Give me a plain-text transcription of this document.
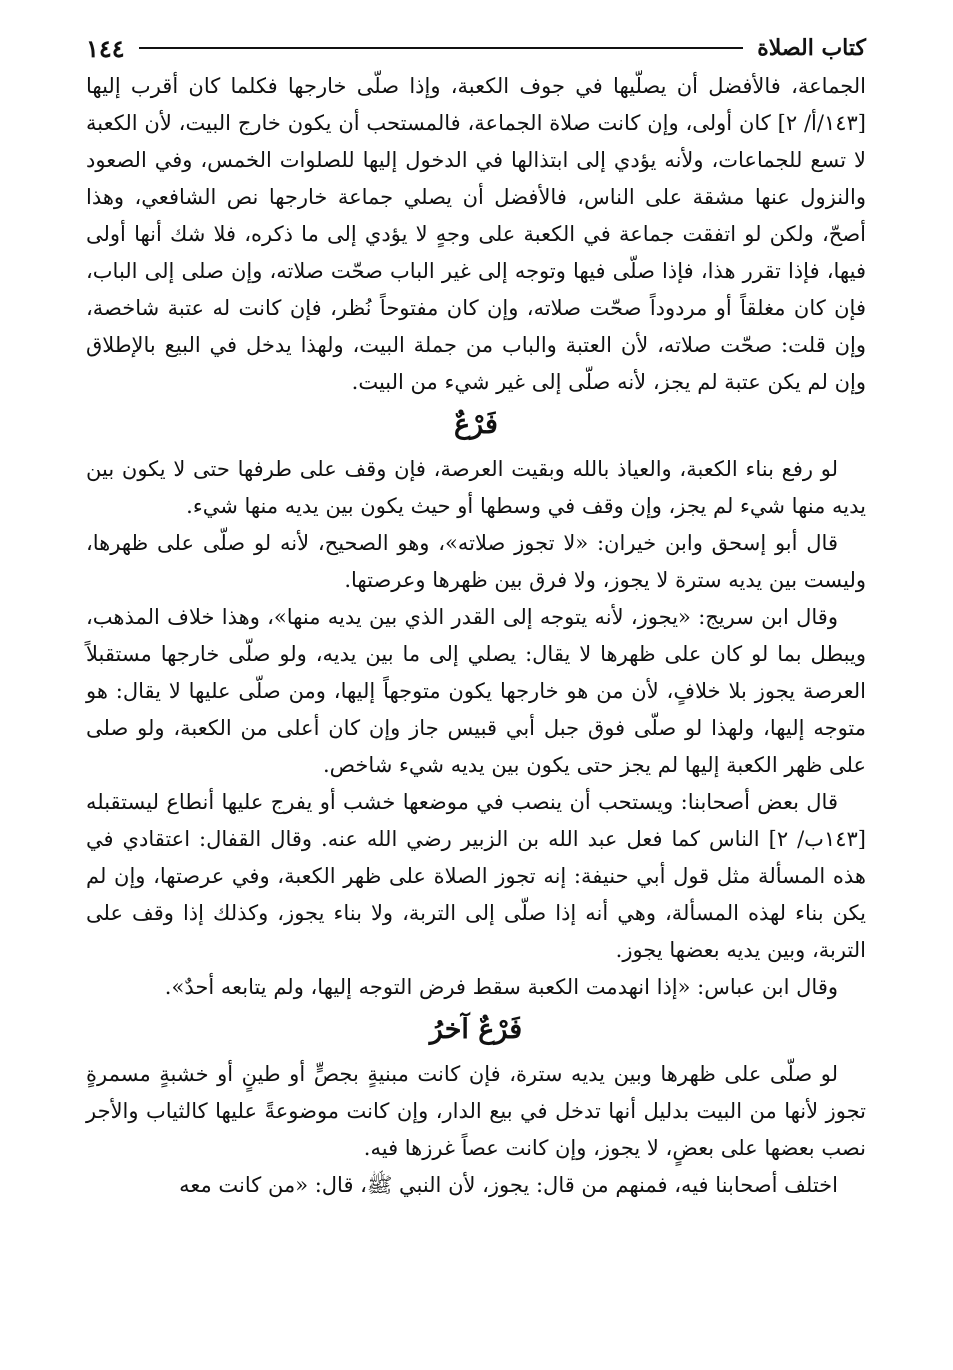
كتاب الصلاة
١٤٤

الجماعة، فالأفضل أن يصلّيها في جوف الكعبة، وإذا صلّى خارجها فكلما كان أقرب إليها [١٤٣/أ/ ٢] كان أولى، وإن كانت صلاة الجماعة، فالمستحب أن يكون خارج البيت، لأن الكعبة لا تسع للجماعات، ولأنه يؤدي إلى ابتذالها في الدخول إليها للصلوات الخمس، وفي الصعود والنزول عنها مشقة على الناس، فالأفضل أن يصلي جماعة خارجها نص الشافعي، وهذا أصحّ، ولكن لو اتفقت جماعة في الكعبة على وجهٍ لا يؤدي إلى ما ذكره، فلا شك أنها أولى فيها، فإذا تقرر هذا، فإذا صلّى فيها وتوجه إلى غير الباب صحّت صلاته، وإن صلى إلى الباب، فإن كان مغلقاً أو مردوداً صحّت صلاته، وإن كان مفتوحاً نُظر، فإن كانت له عتبة شاخصة، وإن قلت: صحّت صلاته، لأن العتبة والباب من جملة البيت، ولهذا يدخل في البيع بالإطلاق وإن لم يكن عتبة لم يجز، لأنه صلّى إلى غير شيء من البيت.

فَرْعٌ

لو رفع بناء الكعبة، والعياذ بالله وبقيت العرصة، فإن وقف على طرفها حتى لا يكون بين يديه منها شيء لم يجز، وإن وقف في وسطها أو حيث يكون بين يديه منها شيء.

قال أبو إسحق وابن خيران: «لا تجوز صلاته»، وهو الصحيح، لأنه لو صلّى على ظهرها، وليست بين يديه سترة لا يجوز، ولا فرق بين ظهرها وعرصتها.

وقال ابن سريج: «يجوز، لأنه يتوجه إلى القدر الذي بين يديه منها»، وهذا خلاف المذهب، ويبطل بما لو كان على ظهرها لا يقال: يصلي إلى ما بين يديه، ولو صلّى خارجها مستقبلاً العرصة يجوز بلا خلافٍ، لأن من هو خارجها يكون متوجهاً إليها، ومن صلّى عليها لا يقال: هو متوجه إليها، ولهذا لو صلّى فوق جبل أبي قبيس جاز وإن كان أعلى من الكعبة، ولو صلى على ظهر الكعبة إليها لم يجز حتى يكون بين يديه شيء شاخص.

قال بعض أصحابنا: ويستحب أن ينصب في موضعها خشب أو يفرج عليها أنطاع ليستقبله [١٤٣ب/ ٢] الناس كما فعل عبد الله بن الزبير رضي الله عنه. وقال القفال: اعتقادي في هذه المسألة مثل قول أبي حنيفة: إنه تجوز الصلاة على ظهر الكعبة، وفي عرصتها، وإن لم يكن بناء لهذه المسألة، وهي أنه إذا صلّى إلى التربة، ولا بناء يجوز، وكذلك إذا وقف على التربة، وبين يديه بعضها يجوز.

وقال ابن عباس: «إذا انهدمت الكعبة سقط فرض التوجه إليها، ولم يتابعه أحدٌ».

فَرْعٌ آخرُ

لو صلّى على ظهرها وبين يديه سترة، فإن كانت مبنيةٍ بجصٍّ أو طينٍ أو خشبةٍ مسمرةٍ تجوز لأنها من البيت بدليل أنها تدخل في بيع الدار، وإن كانت موضوعةً عليها كالثياب والأجر نصب بعضها على بعضٍ، لا يجوز، وإن كانت عصاً غرزها فيه.

اختلف أصحابنا فيه، فمنهم من قال: يجوز، لأن النبي ﷺ، قال: «من كانت معه
